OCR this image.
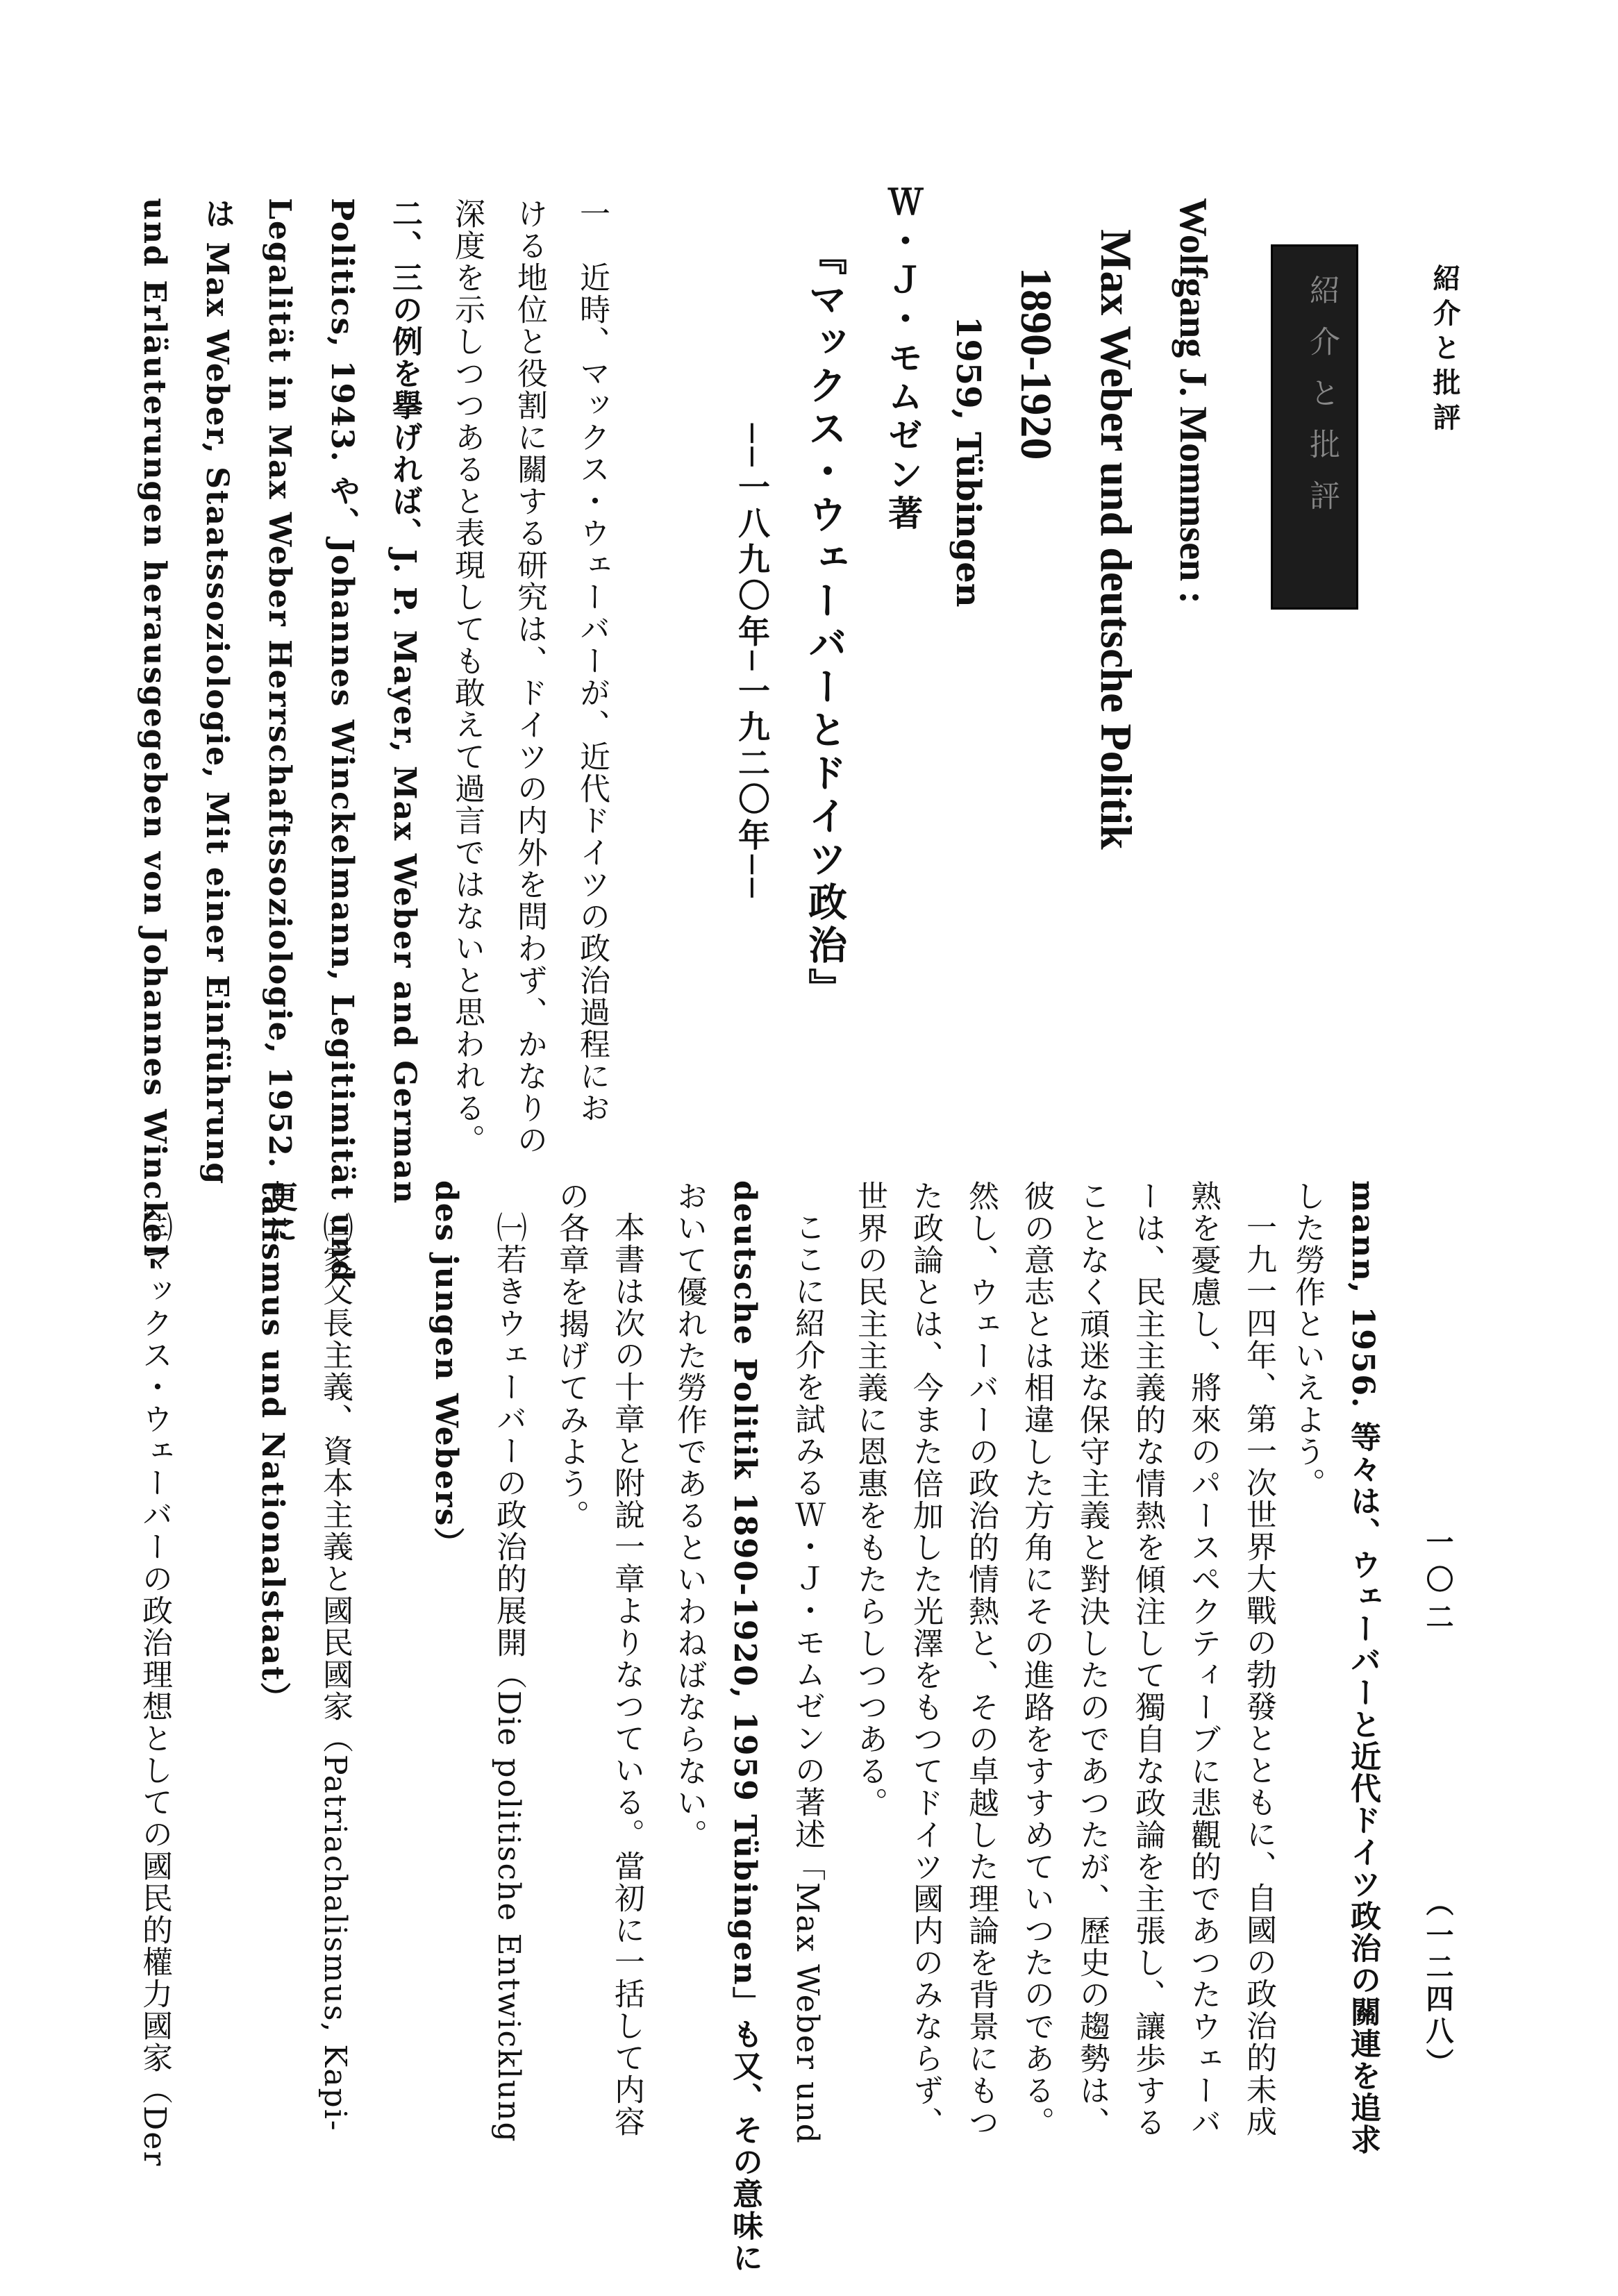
紹介と批評
一〇二
（一二四八）
紹介と批評
Wolfgang J. Mommsen :
Max Weber und deutsche Politik
1890-1920
1959, Tübingen
Ｗ・Ｊ・モムゼン著
『マックス・ウェーバーとドイツ政治』
──一八九〇年─一九二〇年──
一　近時、マックス・ウェーバーが、近代ドイツの政治過程にお
ける地位と役割に關する研究は、ドイツの内外を問わず、かなりの
深度を示しつつあると表現しても敢えて過言ではないと思われる。
二、三の例を擧げれば、J. P. Mayer, Max Weber and German
Politics, 1943. や、Johannes Winckelmann, Legitimität und
Legalität in Max Weber Herrschaftssoziologie, 1952. 更に
は Max Weber, Staatssoziologie, Mit einer Einführung
und Erläuterungen herausgegeben von Johannes Winckel-
mann, 1956. 等々は、ウェーバーと近代ドイツ政治の關連を追求
した勞作といえよう。
一九一四年、第一次世界大戰の勃發とともに、自國の政治的未成
熟を憂慮し、將來のパースペクティーブに悲觀的であつたウェーバ
ーは、民主主義的な情熱を傾注して獨自な政論を主張し、讓歩する
ことなく頑迷な保守主義と對決したのであつたが、歷史の趨勢は、
彼の意志とは相違した方角にその進路をすすめていつたのである。
然し、ウェーバーの政治的情熱と、その卓越した理論を背景にもつ
た政論とは、今また倍加した光澤をもつてドイツ國内のみならず、
世界の民主主義に恩惠をもたらしつつある。
ここに紹介を試みるＷ・Ｊ・モムゼンの著述「Max Weber und
deutsche Politik 1890-1920, 1959 Tübingen」も又、その意味に
おいて優れた勞作であるといわねばならない。
本書は次の十章と附說一章よりなつている。當初に一括して内容
の各章を揭げてみよう。
㈠若きウェーバーの政治的展開（Die politische Entwicklung
des jungen Webers）
㈡家父長主義、資本主義と國民國家（Patriachalismus, Kapi-
talismus und Nationalstaat）
㈢マックス・ウェーバーの政治理想としての國民的權力國家（Der
